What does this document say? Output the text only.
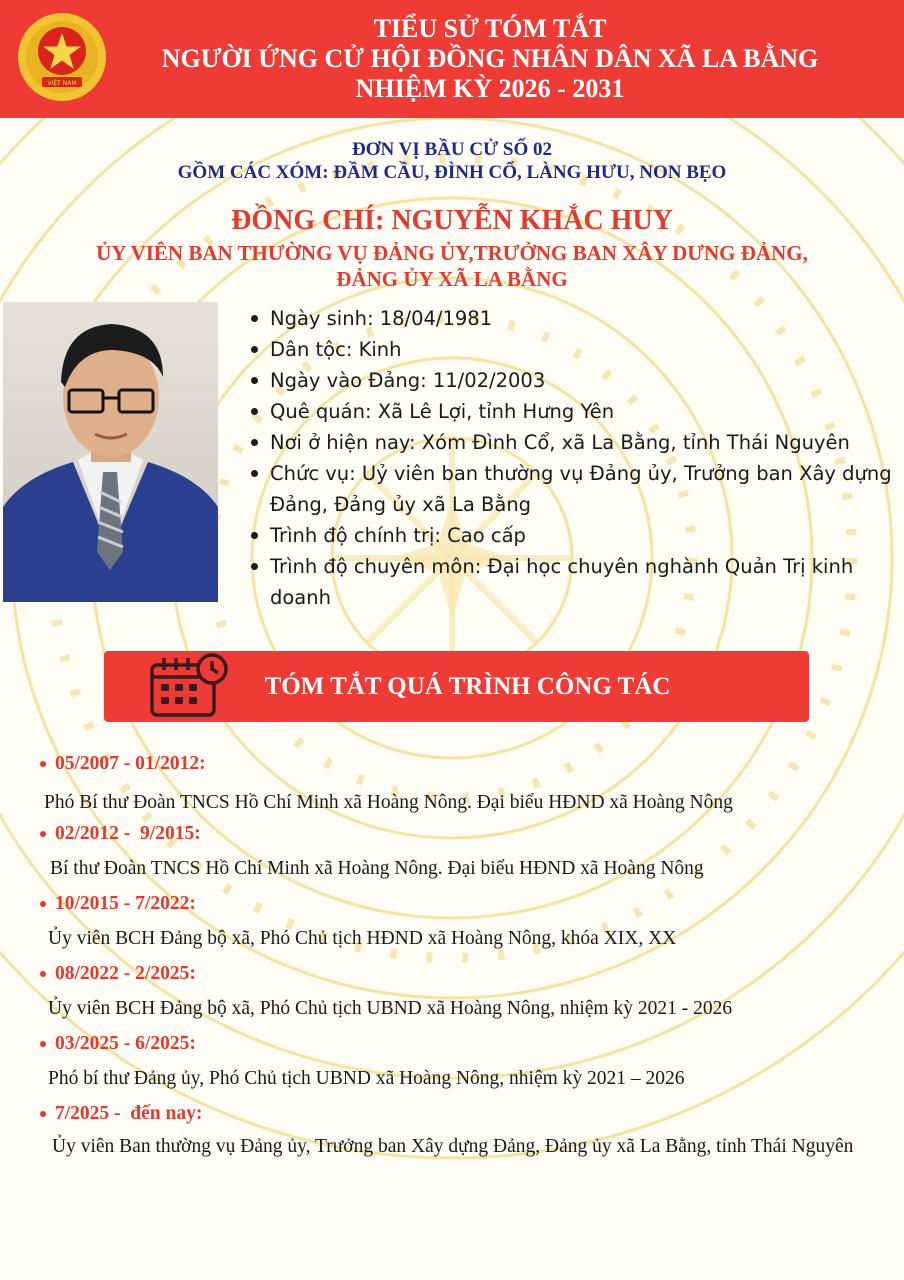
VIỆT NAM
TIỂU SỬ TÓM TẮT
NGƯỜI ỨNG CỬ HỘI ĐỒNG NHÂN DÂN XÃ LA BẰNG
NHIỆM KỲ 2026 - 2031
ĐƠN VỊ BẦU CỬ SỐ 02
GỒM CÁC XÓM: ĐẦM CẦU, ĐÌNH CỔ, LÀNG HƯU, NON BẸO
ĐỒNG CHÍ: NGUYỄN KHẮC HUY
ỦY VIÊN BAN THƯỜNG VỤ ĐẢNG ỦY,TRƯỞNG BAN XÂY DƯNG ĐẢNG,
ĐẢNG ỦY XÃ LA BẰNG
Ngày sinh: 18/04/1981
Dân tộc: Kinh
Ngày vào Đảng: 11/02/2003
Quê quán: Xã Lê Lợi, tỉnh Hưng Yên
Nơi ở hiện nay: Xóm Đình Cổ, xã La Bằng, tỉnh Thái Nguyên
Chức vụ: Uỷ viên ban thường vụ Đảng ủy, Trưởng ban Xây dựng Đảng, Đảng ủy xã La Bằng
Trình độ chính trị: Cao cấp
Trình độ chuyên môn: Đại học chuyên nghành Quản Trị kinh doanh
TÓM TẮT QUÁ TRÌNH CÔNG TÁC
05/2007 - 01/2012:
Phó Bí thư Đoàn TNCS Hồ Chí Minh xã Hoàng Nông. Đại biểu HĐND xã Hoàng Nông
02/2012 -  9/2015:
Bí thư Đoàn TNCS Hồ Chí Minh xã Hoàng Nông. Đại biểu HĐND xã Hoàng Nông
10/2015 - 7/2022:
Ủy viên BCH Đảng bộ xã, Phó Chủ tịch HĐND xã Hoàng Nông, khóa XIX, XX
08/2022 - 2/2025:
Ủy viên BCH Đảng bộ xã, Phó Chủ tịch UBND xã Hoàng Nông, nhiệm kỳ 2021 - 2026
03/2025 - 6/2025:
Phó bí thư Đảng ủy, Phó Chủ tịch UBND xã Hoàng Nông, nhiệm kỳ 2021 – 2026
7/2025 -  đến nay:
Ủy viên Ban thường vụ Đảng ủy, Trưởng ban Xây dựng Đảng, Đảng ủy xã La Bằng, tỉnh Thái Nguyên
